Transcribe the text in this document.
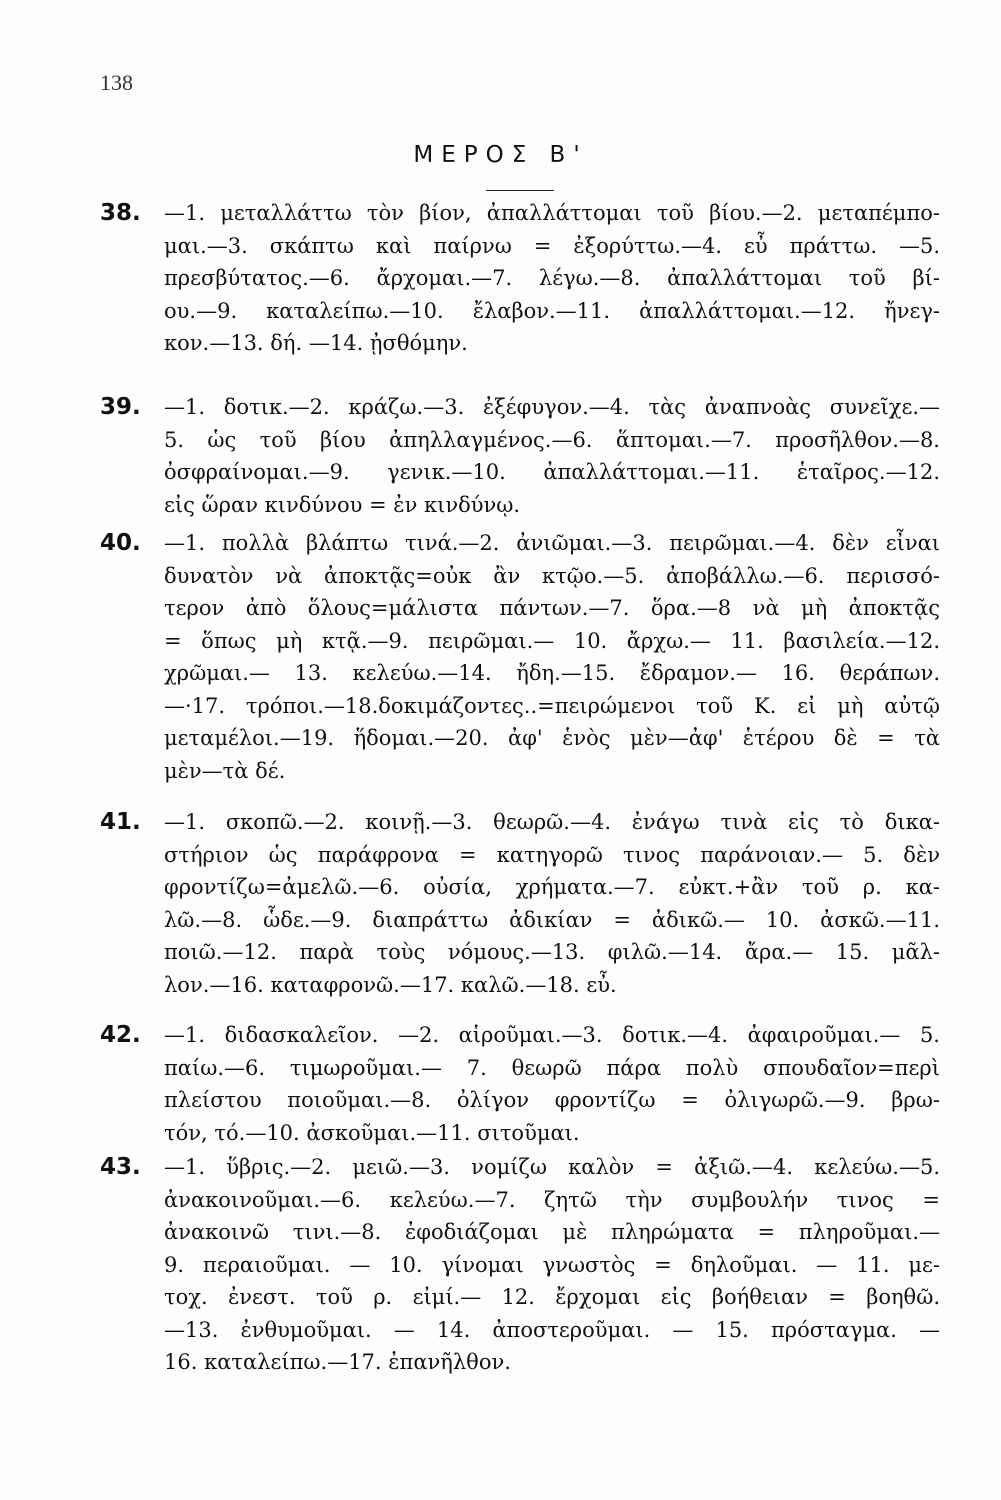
138
ΜΕΡΟΣ Β'
38. —1. μεταλλάττω τὸν βίον, ἀπαλλάττομαι τοῦ βίου.—2. μεταπέμπο-
μαι.—3. σκάπτω καὶ παίρνω = ἐξορύττω.—4. εὖ πράττω. —5.
πρεσβύτατος.—6. ἄρχομαι.—7. λέγω.—8. ἀπαλλάττομαι τοῦ βί-
ου.—9. καταλείπω.—10. ἔλαβον.—11. ἀπαλλάττομαι.—12. ἤνεγ-
κον.—13. δή. —14. ᾐσθόμην.
39. —1. δοτικ.—2. κράζω.—3. ἐξέφυγον.—4. τὰς ἀναπνοὰς συνεῖχε.—
5. ὡς τοῦ βίου ἀπηλλαγμένος.—6. ἅπτομαι.—7. προσῆλθον.—8.
ὀσφραίνομαι.—9. γενικ.—10. ἀπαλλάττομαι.—11. ἑταῖρος.—12.
εἰς ὥραν κινδύνου = ἐν κινδύνῳ.
40. —1. πολλὰ βλάπτω τινά.—2. ἀνιῶμαι.—3. πειρῶμαι.—4. δὲν εἶναι
δυνατὸν νὰ ἀποκτᾷς=οὐκ ἂν κτῷο.—5. ἀποβάλλω.—6. περισσό-
τερον ἀπὸ ὅλους=μάλιστα πάντων.—7. ὅρα.—8 νὰ μὴ ἀποκτᾷς
= ὅπως μὴ κτᾷ.—9. πειρῶμαι.— 10. ἄρχω.— 11. βασιλεία.—12.
χρῶμαι.— 13. κελεύω.—14. ἤδη.—15. ἔδραμον.— 16. θεράπων.
—·17. τρόποι.—18.δοκιμάζοντες..=πειρώμενοι τοῦ Κ. εἰ μὴ αὐτῷ
μεταμέλοι.—19. ἥδομαι.—20. ἀφ' ἑνὸς μὲν—ἀφ' ἑτέρου δὲ = τὰ
μὲν—τὰ δέ.
41. —1. σκοπῶ.—2. κοινῇ.—3. θεωρῶ.—4. ἐνάγω τινὰ εἰς τὸ δικα-
στήριον ὡς παράφρονα = κατηγορῶ τινος παράνοιαν.— 5. δὲν
φροντίζω=ἀμελῶ.—6. οὐσία, χρήματα.—7. εὐκτ.+ἂν τοῦ ρ. κα-
λῶ.—8. ὧδε.—9. διαπράττω ἀδικίαν = ἀδικῶ.— 10. ἀσκῶ.—11.
ποιῶ.—12. παρὰ τοὺς νόμους.—13. φιλῶ.—14. ἄρα.— 15. μᾶλ-
λον.—16. καταφρονῶ.—17. καλῶ.—18. εὖ.
42. —1. διδασκαλεῖον. —2. αἱροῦμαι.—3. δοτικ.—4. ἀφαιροῦμαι.— 5.
παίω.—6. τιμωροῦμαι.— 7. θεωρῶ πάρα πολὺ σπουδαῖον=περὶ
πλείστου ποιοῦμαι.—8. ὀλίγον φροντίζω = ὀλιγωρῶ.—9. βρω-
τόν, τό.—10. ἀσκοῦμαι.—11. σιτοῦμαι.
43. —1. ὕβρις.—2. μειῶ.—3. νομίζω καλὸν = ἀξιῶ.—4. κελεύω.—5.
ἀνακοινοῦμαι.—6. κελεύω.—7. ζητῶ τὴν συμβουλήν τινος =
ἀνακοινῶ τινι.—8. ἐφοδιάζομαι μὲ πληρώματα = πληροῦμαι.—
9. περαιοῦμαι. — 10. γίνομαι γνωστὸς = δηλοῦμαι. — 11. με-
τοχ. ἐνεστ. τοῦ ρ. εἰμί.— 12. ἔρχομαι εἰς βοήθειαν = βοηθῶ.
—13. ἐνθυμοῦμαι. — 14. ἀποστεροῦμαι. — 15. πρόσταγμα. —
16. καταλείπω.—17. ἐπανῆλθον.
